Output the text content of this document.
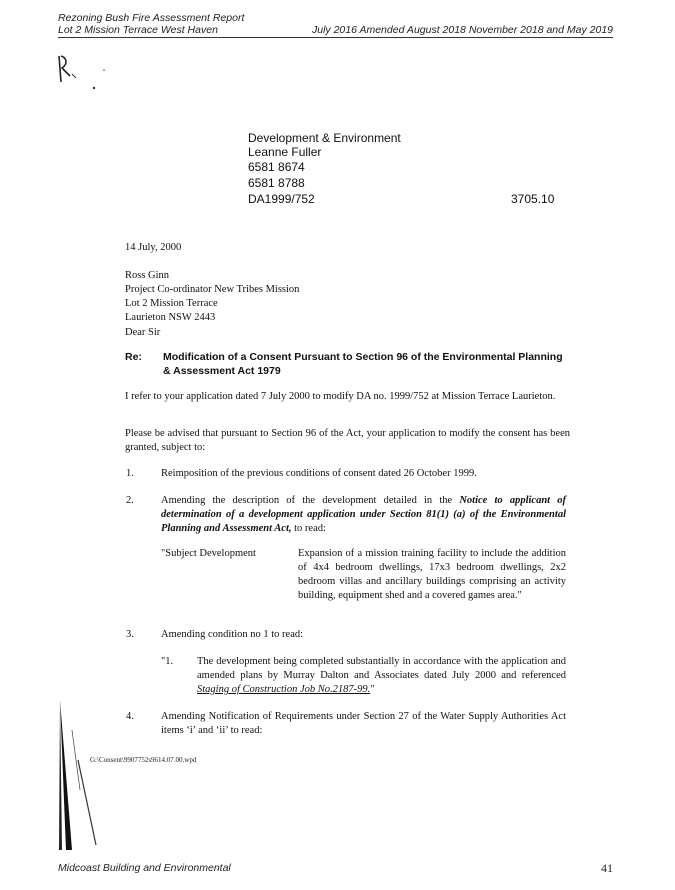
Rezoning Bush Fire Assessment Report
Lot 2 Mission Terrace West Haven	July 2016 Amended August 2018 November 2018 and May 2019
Development & Environment
Leanne Fuller
6581 8674
6581 8788
DA1999/752	3705.10
14 July, 2000
Ross Ginn
Project Co-ordinator New Tribes Mission
Lot 2 Mission Terrace
Laurieton NSW 2443
Dear Sir
Re: Modification of a Consent Pursuant to Section 96 of the Environmental Planning
& Assessment Act 1979
I refer to your application dated 7 July 2000 to modify DA no. 1999/752 at Mission Terrace Laurieton.
Please be advised that pursuant to Section 96 of the Act, your application to modify the consent has been granted, subject to:
1.	Reimposition of the previous conditions of consent dated 26 October 1999.
2.	Amending the description of the development detailed in the Notice to applicant of determination of a development application under Section 81(1) (a) of the Environmental Planning and Assessment Act, to read:
"Subject Development	Expansion of a mission training facility to include the addition of 4x4 bedroom dwellings, 17x3 bedroom dwellings, 2x2 bedroom villas and ancillary buildings comprising an activity building, equipment shed and a covered games area."
3.	Amending condition no 1 to read:
"1. The development being completed substantially in accordance with the application and amended plans by Murray Dalton and Associates dated July 2000 and referenced Staging of Construction Job No.2187-99."
4.	Amending Notification of Requirements under Section 27 of the Water Supply Authorities Act items ‘i’ and ‘ii’ to read:
G:\Consent\9907752s9614.07.00.wpd
Midcoast Building and Environmental	41
